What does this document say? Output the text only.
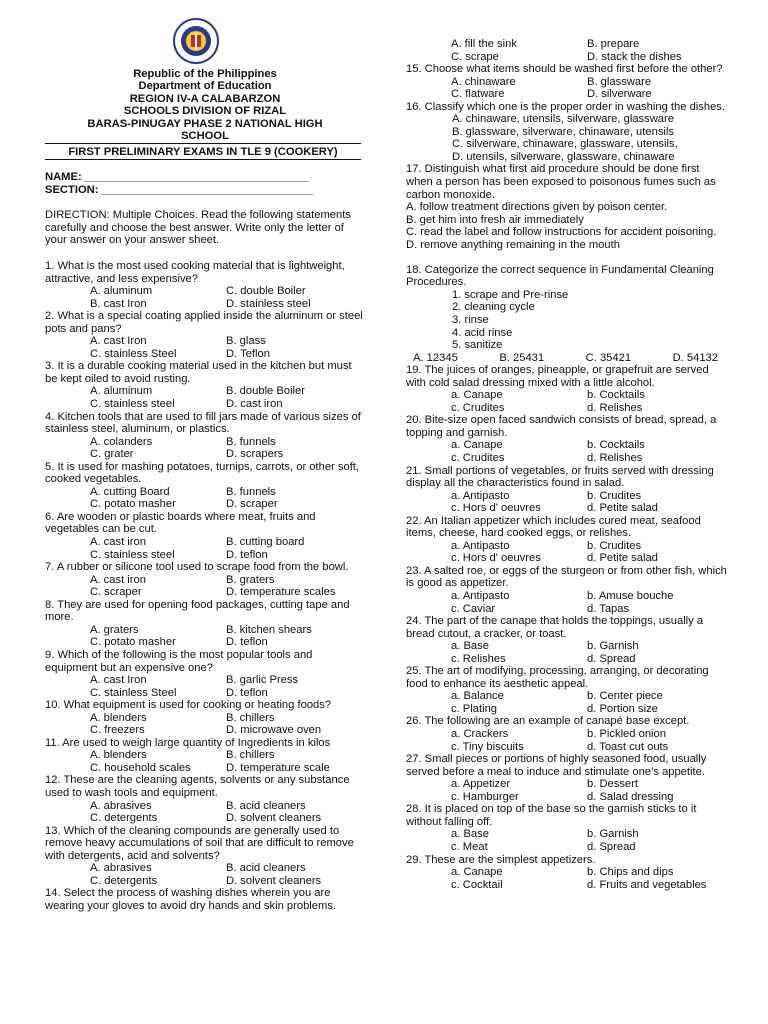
Republic of the Philippines
Department of Education
REGION IV-A CALABARZON
SCHOOLS DIVISION OF RIZAL
BARAS-PINUGAY PHASE 2 NATIONAL HIGH
SCHOOL
FIRST PRELIMINARY EXAMS IN TLE 9 (COOKERY)
NAME: ____________________________________
SECTION: __________________________________
DIRECTION: Multiple Choices. Read the following statements carefully and choose the best answer. Write only the letter of your answer on your answer sheet.
1. What is the most used cooking material that is lightweight, attractive, and less expensive?
A. aluminum	C. double Boiler
B. cast Iron	D. stainless steel
2. What is a special coating applied inside the aluminum or steel pots and pans?
A. cast Iron	B. glass
C. stainless Steel	D. Teflon
3. It is a durable cooking material used in the kitchen but must be kept oiled to avoid rusting.
A. aluminum	B. double Boiler
C. stainless steel	D. cast iron
4. Kitchen tools that are used to fill jars made of various sizes of stainless steel, aluminum, or plastics.
A. colanders	B. funnels
C. grater	D. scrapers
5. It is used for mashing potatoes, turnips, carrots, or other soft, cooked vegetables.
A. cutting Board	B. funnels
C. potato masher	D. scraper
6. Are wooden or plastic boards where meat, fruits and vegetables can be cut.
A. cast iron	B. cutting board
C. stainless steel	D. teflon
7. A rubber or silicone tool used to scrape food from the bowl.
A. cast iron	B. graters
C. scraper	D. temperature scales
8. They are used for opening food packages, cutting tape and more.
A. graters	B. kitchen shears
C. potato masher	D. teflon
9. Which of the following is the most popular tools and equipment but an expensive one?
A. cast Iron	B. garlic Press
C. stainless Steel	D. teflon
10. What equipment is used for cooking or heating foods?
A. blenders	B. chillers
C. freezers	D. microwave oven
11. Are used to weigh large quantity of Ingredients in kilos
A. blenders	B. chillers
C. household scales	D. temperature scale
12. These are the cleaning agents, solvents or any substance used to wash tools and equipment.
A. abrasives	B. acid cleaners
C. detergents	D. solvent cleaners
13. Which of the cleaning compounds are generally used to remove heavy accumulations of soil that are difficult to remove with detergents, acid and solvents?
A. abrasives	B. acid cleaners
C. detergents	D. solvent cleaners
14. Select the process of washing dishes wherein you are wearing your gloves to avoid dry hands and skin problems.
A. fill the sink	B. prepare
C. scrape	D. stack the dishes
15. Choose what items should be washed first before the other?
A. chinaware	B. glassware
C. flatware	D. silverware
16. Classify which one is the proper order in washing the dishes.
A. chinaware, utensils, silverware, glassware
B. glassware, silverware, chinaware, utensils
C. silverware, chinaware, glassware, utensils,
D. utensils, silverware, glassware, chinaware
17. Distinguish what first aid procedure should be done first when a person has been exposed to poisonous fumes such as carbon monoxide.
A. follow treatment directions given by poison center.
B. get him into fresh air immediately
C. read the label and follow instructions for accident poisoning.
D. remove anything remaining in the mouth
18. Categorize the correct sequence in Fundamental Cleaning Procedures.
1. scrape and Pre-rinse
2. cleaning cycle
3. rinse
4. acid rinse
5. sanitize
A. 12345	B. 25431	C. 35421	D. 54132
19. The juices of oranges, pineapple, or grapefruit are served with cold salad dressing mixed with a little alcohol.
a. Canape	b. Cocktails
c. Crudites	d. Relishes
20. Bite-size open faced sandwich consists of bread, spread, a topping and garnish.
a. Canape	b. Cocktails
c. Crudites	d. Relishes
21. Small portions of vegetables, or fruits served with dressing display all the characteristics found in salad.
a. Antipasto	b. Crudites
c. Hors d' oeuvres	d. Petite salad
22. An Italian appetizer which includes cured meat, seafood items, cheese, hard cooked eggs, or relishes.
a. Antipasto	b. Crudites
c. Hors d' oeuvres	d. Petite salad
23. A salted roe, or eggs of the sturgeon or from other fish, which is good as appetizer.
a. Antipasto	b. Amuse bouche
c. Caviar	d. Tapas
24. The part of the canape that holds the toppings, usually a bread cutout, a cracker, or toast.
a. Base	b. Garnish
c. Relishes	d. Spread
25. The art of modifying, processing, arranging, or decorating food to enhance its aesthetic appeal.
a. Balance	b. Center piece
c. Plating	d. Portion size
26. The following are an example of canapé base except.
a. Crackers	b. Pickled onion
c. Tiny biscuits	d. Toast cut outs
27. Small pieces or portions of highly seasoned food, usually served before a meal to induce and stimulate one’s appetite.
a. Appetizer	b. Dessert
c. Hamburger	d. Salad dressing
28. It is placed on top of the base so the garnish sticks to it without falling off.
a. Base	b. Garnish
c. Meat	d. Spread
29. These are the simplest appetizers.
a. Canape	b. Chips and dips
c. Cocktail	d. Fruits and vegetables
